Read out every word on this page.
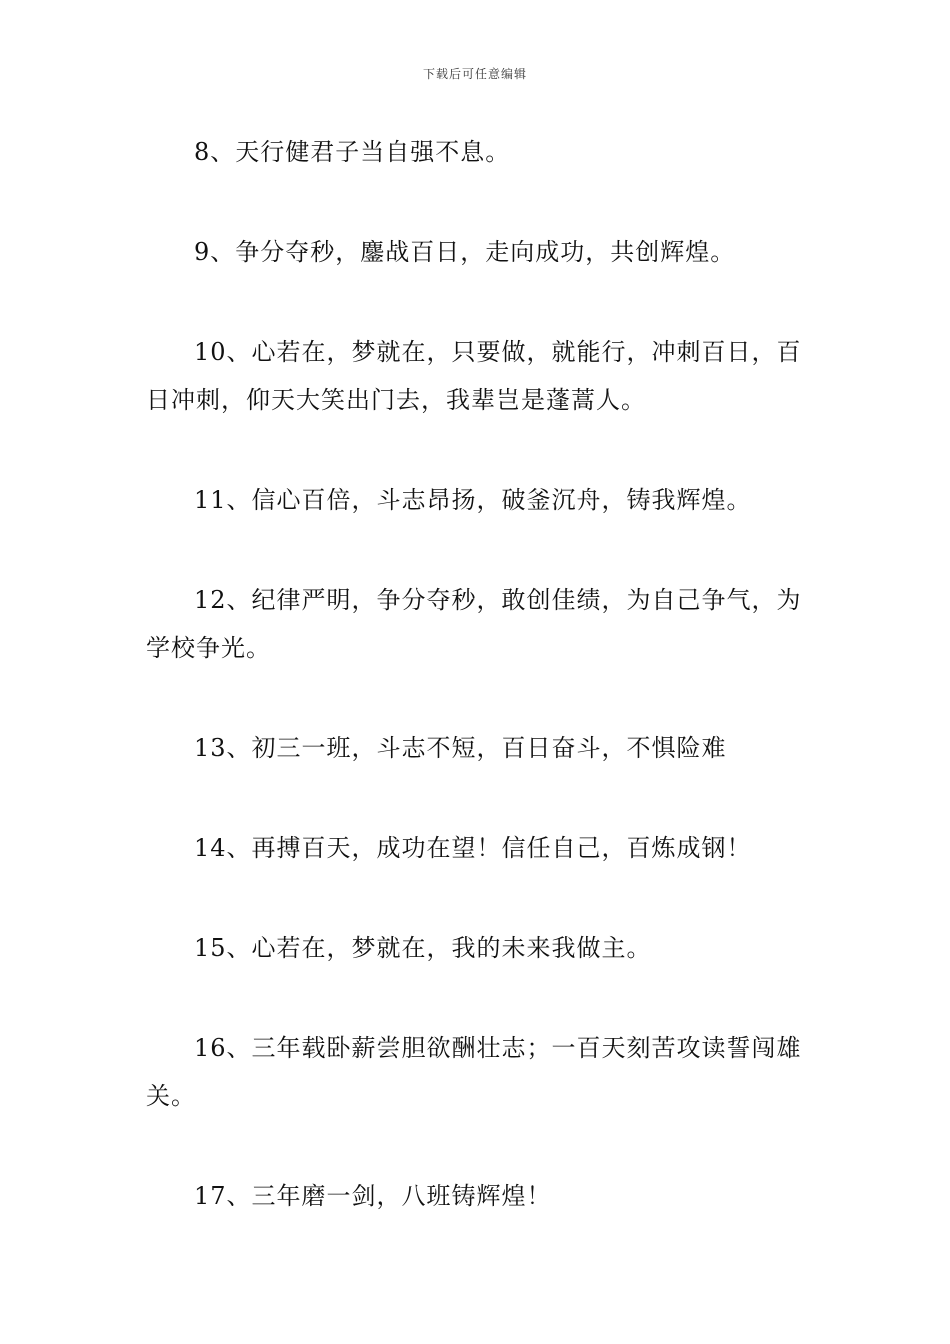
下载后可任意编辑

8、天行健君子当自强不息。

9、争分夺秒，鏖战百日，走向成功，共创辉煌。

10、心若在，梦就在，只要做，就能行，冲刺百日，百日冲刺，仰天大笑出门去，我辈岂是蓬蒿人。

11、信心百倍，斗志昂扬，破釜沉舟，铸我辉煌。

12、纪律严明，争分夺秒，敢创佳绩，为自己争气，为学校争光。

13、初三一班，斗志不短，百日奋斗，不惧险难

14、再搏百天，成功在望！信任自己，百炼成钢！

15、心若在，梦就在，我的未来我做主。

16、三年载卧薪尝胆欲酬壮志；一百天刻苦攻读誓闯雄关。

17、三年磨一剑，八班铸辉煌！
